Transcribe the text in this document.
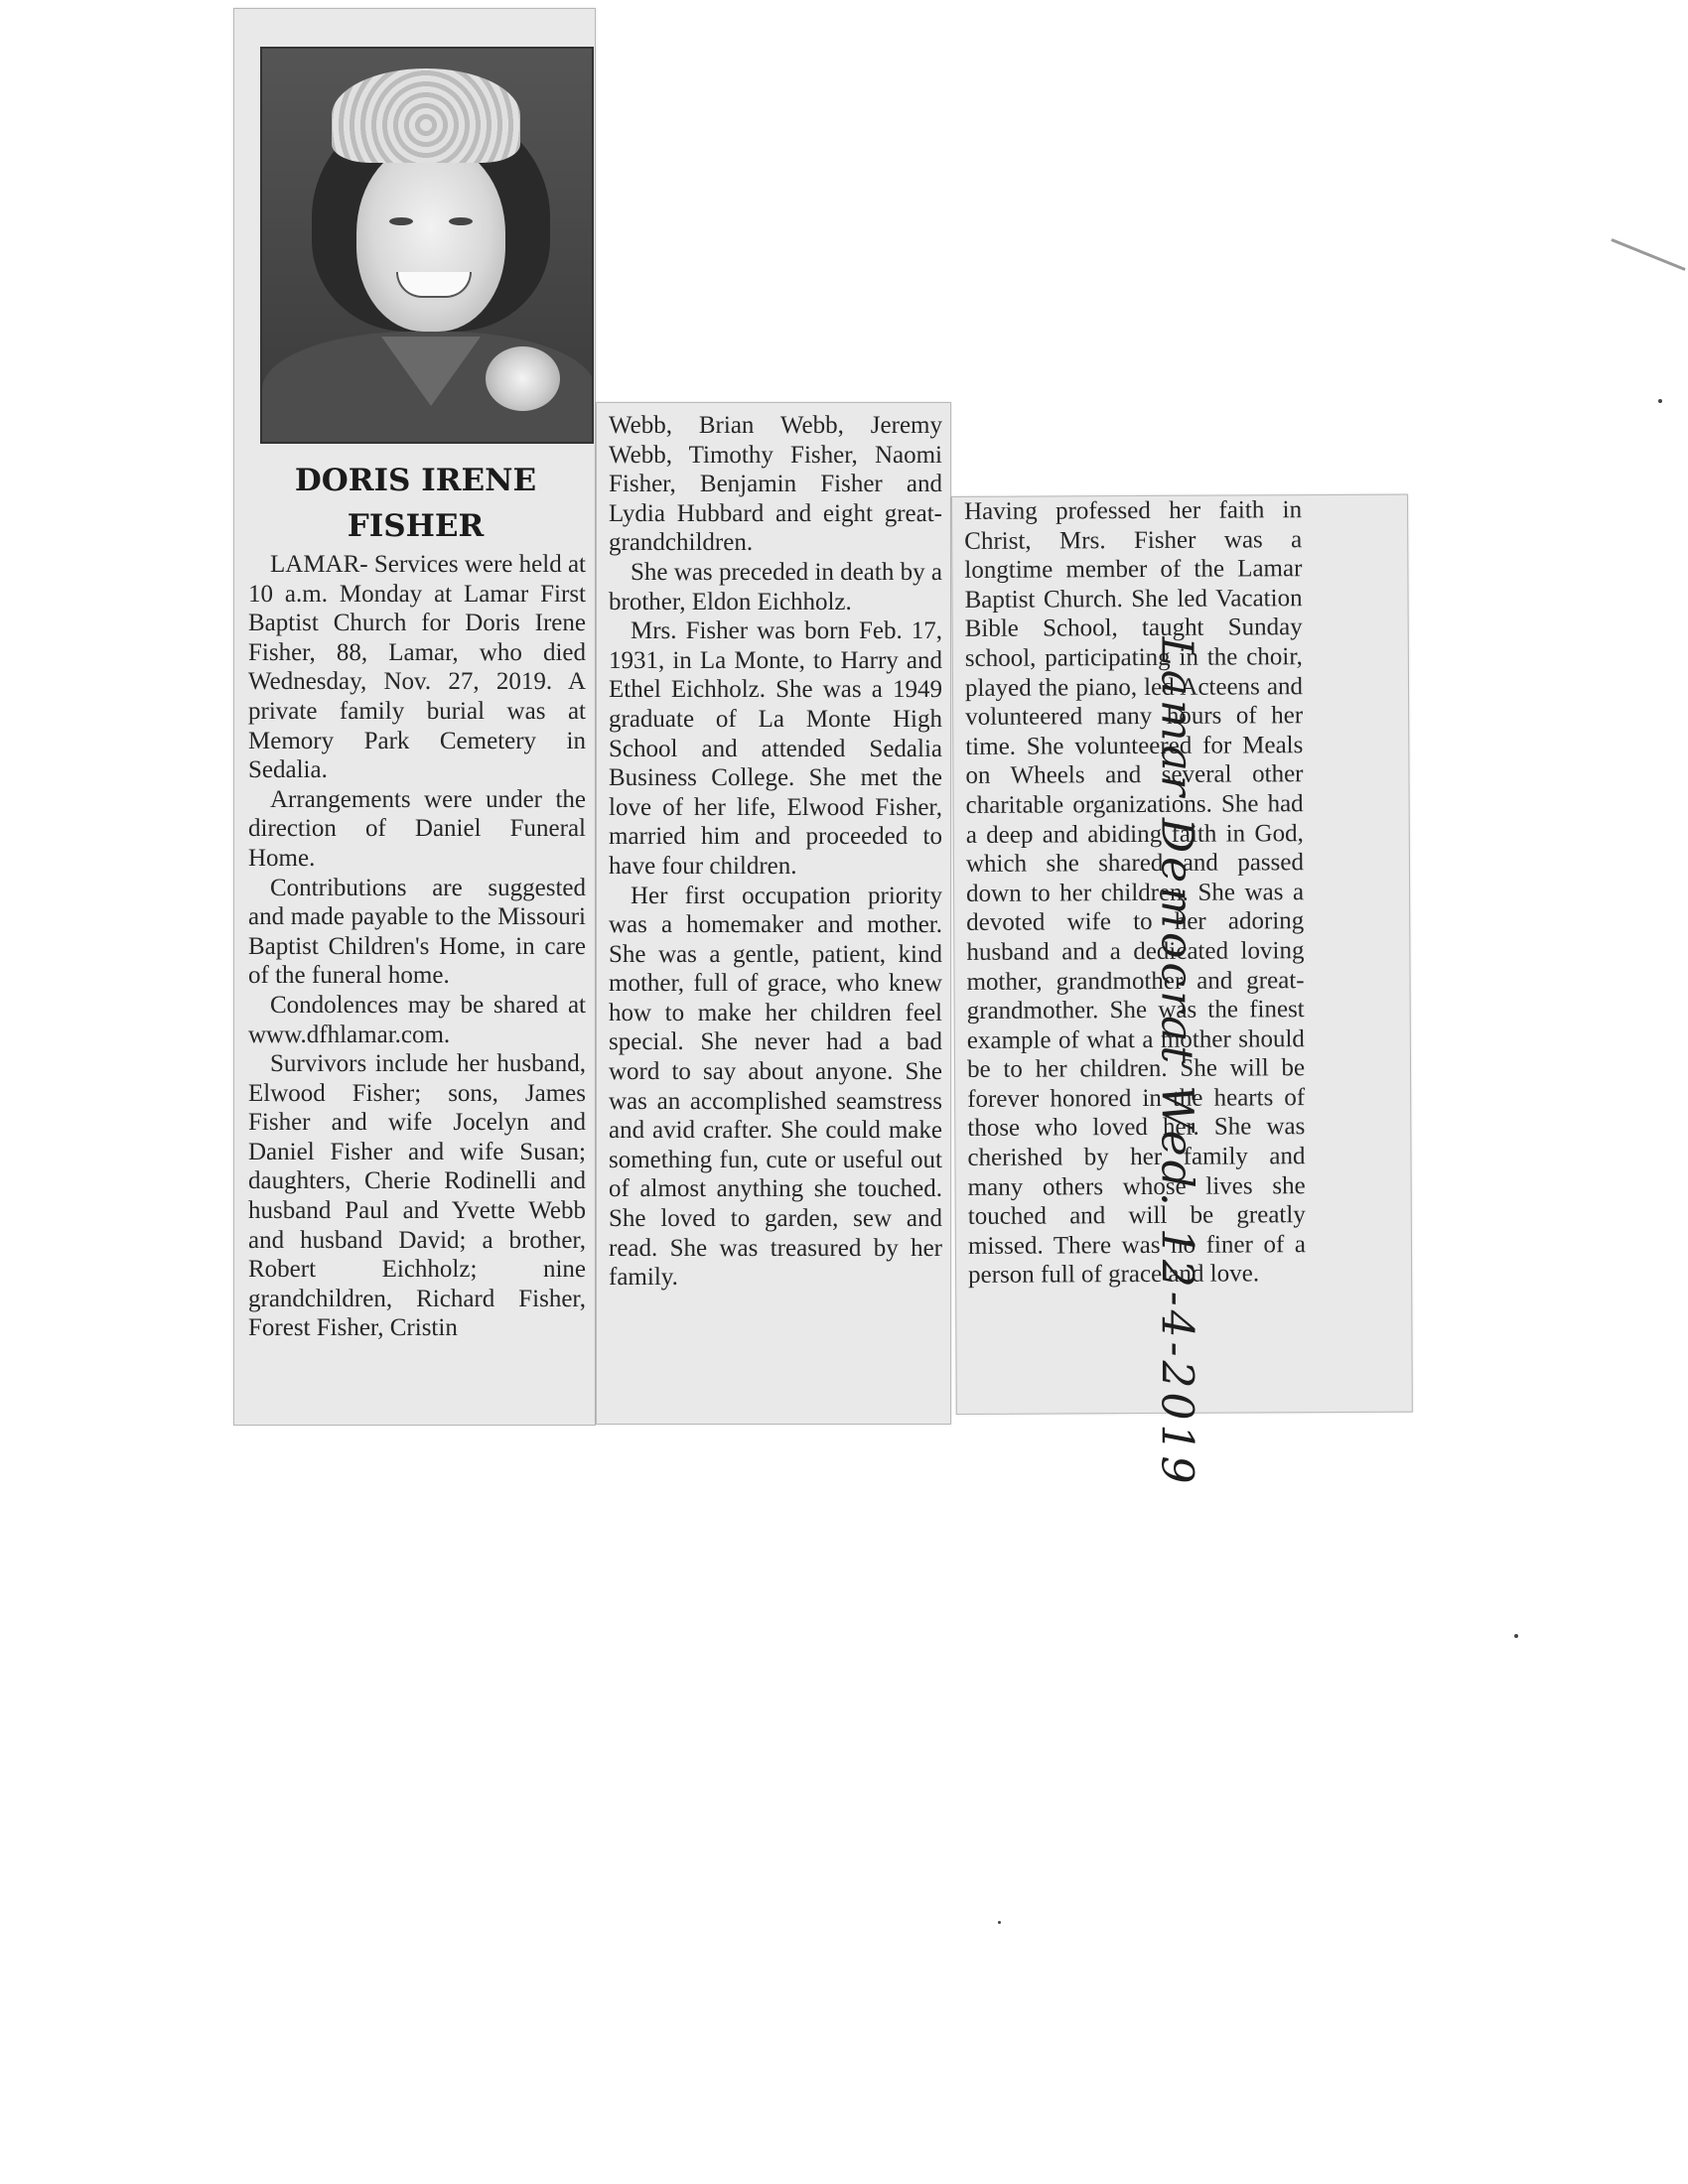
DORIS IRENE
FISHER

LAMAR- Services were held at 10 a.m. Monday at Lamar First Baptist Church for Doris Irene Fisher, 88, Lamar, who died Wednesday, Nov. 27, 2019. A private family burial was at Memory Park Cemetery in Sedalia.

Arrangements were under the direction of Daniel Funeral Home.

Contributions are suggested and made payable to the Missouri Baptist Children's Home, in care of the funeral home.

Condolences may be shared at www.dfhlamar.com.

Survivors include her husband, Elwood Fisher; sons, James Fisher and wife Jocelyn and Daniel Fisher and wife Susan; daughters, Cherie Rodinelli and husband Paul and Yvette Webb and husband David; a brother, Robert Eichholz; nine grandchildren, Richard Fisher, Forest Fisher, Cristin

Webb, Brian Webb, Jeremy Webb, Timothy Fisher, Naomi Fisher, Benjamin Fisher and Lydia Hubbard and eight great-grandchildren.

She was preceded in death by a brother, Eldon Eichholz.

Mrs. Fisher was born Feb. 17, 1931, in La Monte, to Harry and Ethel Eichholz. She was a 1949 graduate of La Monte High School and attended Sedalia Business College. She met the love of her life, Elwood Fisher, married him and proceeded to have four children.

Her first occupation priority was a homemaker and mother. She was a gentle, patient, kind mother, full of grace, who knew how to make her children feel special. She never had a bad word to say about anyone. She was an accomplished seamstress and avid crafter. She could make something fun, cute or useful out of almost anything she touched. She loved to garden, sew and read. She was treasured by her family.

Having professed her faith in Christ, Mrs. Fisher was a longtime member of the Lamar Baptist Church. She led Vacation Bible School, taught Sunday school, participating in the choir, played the piano, led Acteens and volunteered many hours of her time. She volunteered for Meals on Wheels and several other charitable organizations. She had a deep and abiding faith in God, which she shared and passed down to her children. She was a devoted wife to her adoring husband and a dedicated loving mother, grandmother and great-grandmother. She was the finest example of what a mother should be to her children. She will be forever honored in the hearts of those who loved her. She was cherished by her family and many others whose lives she touched and will be greatly missed. There was no finer of a person full of grace and love.

Lamar Democrat Wed. 12-4-2019
